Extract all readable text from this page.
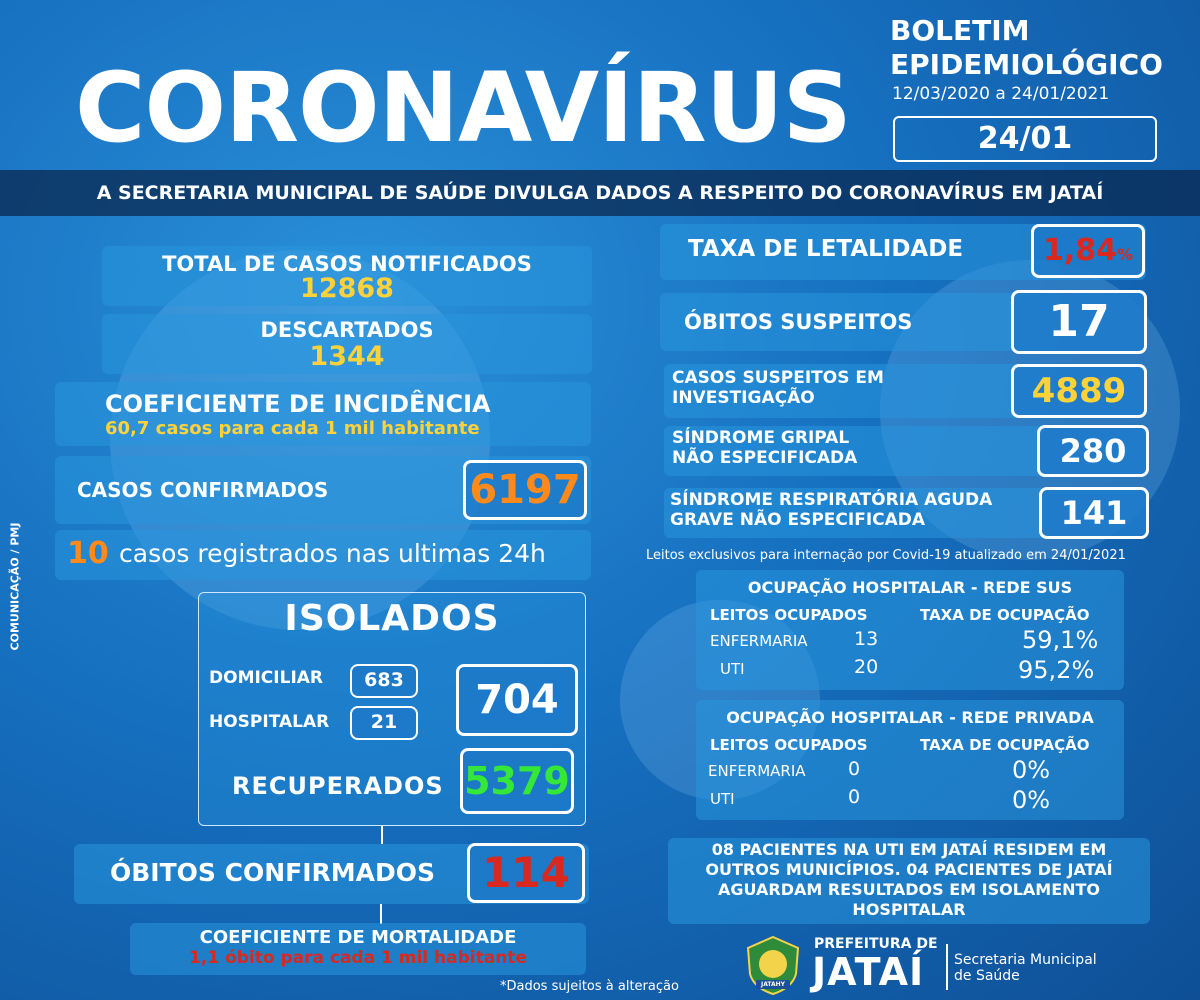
CORONAVÍRUS
BOLETIM
EPIDEMIOLÓGICO
12/03/2020 a 24/01/2021
24/01
A SECRETARIA MUNICIPAL DE SAÚDE DIVULGA DADOS A RESPEITO DO CORONAVÍRUS EM JATAÍ
COMUNICAÇÃO / PMJ
TOTAL DE CASOS NOTIFICADOS
12868
DESCARTADOS
1344
COEFICIENTE DE INCIDÊNCIA
60,7 casos para cada 1 mil habitante
CASOS CONFIRMADOS	6197
10 casos registrados nas ultimas 24h
ISOLADOS
DOMICILIAR	683
HOSPITALAR	21	704
RECUPERADOS 5379
ÓBITOS CONFIRMADOS	114
COEFICIENTE DE MORTALIDADE
1,1 óbito para cada 1 mil habitante
*Dados sujeitos à alteração
TAXA DE LETALIDADE	1,84%
ÓBITOS SUSPEITOS	17
CASOS SUSPEITOS EM
INVESTIGAÇÃO	4889
SÍNDROME GRIPAL
NÃO ESPECIFICADA	280
SÍNDROME RESPIRATÓRIA AGUDA
GRAVE NÃO ESPECIFICADA	141
Leitos exclusivos para internação por Covid-19 atualizado em 24/01/2021
OCUPAÇÃO HOSPITALAR - REDE SUS
LEITOS OCUPADOS	TAXA DE OCUPAÇÃO
ENFERMARIA 13	59,1%
UTI	20	95,2%
OCUPAÇÃO HOSPITALAR - REDE PRIVADA
LEITOS OCUPADOS	TAXA DE OCUPAÇÃO
ENFERMARIA 0	0%
UTI	0	0%
08 PACIENTES NA UTI EM JATAÍ RESIDEM EM
OUTROS MUNICÍPIOS. 04 PACIENTES DE JATAÍ
AGUARDAM RESULTADOS EM ISOLAMENTO
HOSPITALAR
JATAHY
PREFEITURA DE
JATAÍ Secretaria Municipal
de Saúde
